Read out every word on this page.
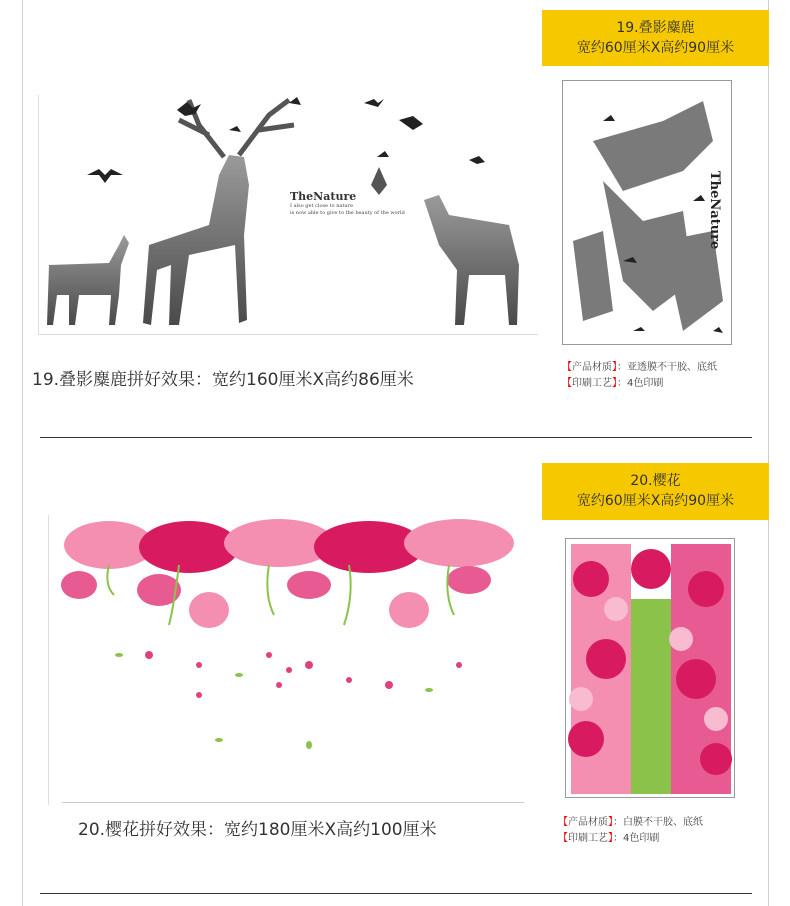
19.叠影麋鹿
宽约60厘米X高约90厘米
TheNature
I also get close to nature
is now able to give to the beauty of the world	TheNature
19.叠影麋鹿拼好效果：宽约160厘米X高约86厘米
【产品材质】：亚透膜不干胶、底纸
【印刷工艺】：4色印刷
20.樱花
宽约60厘米X高约90厘米
20.樱花拼好效果：宽约180厘米X高约100厘米	【产品材质】：白膜不干胶、底纸
【印刷工艺】：4色印刷
